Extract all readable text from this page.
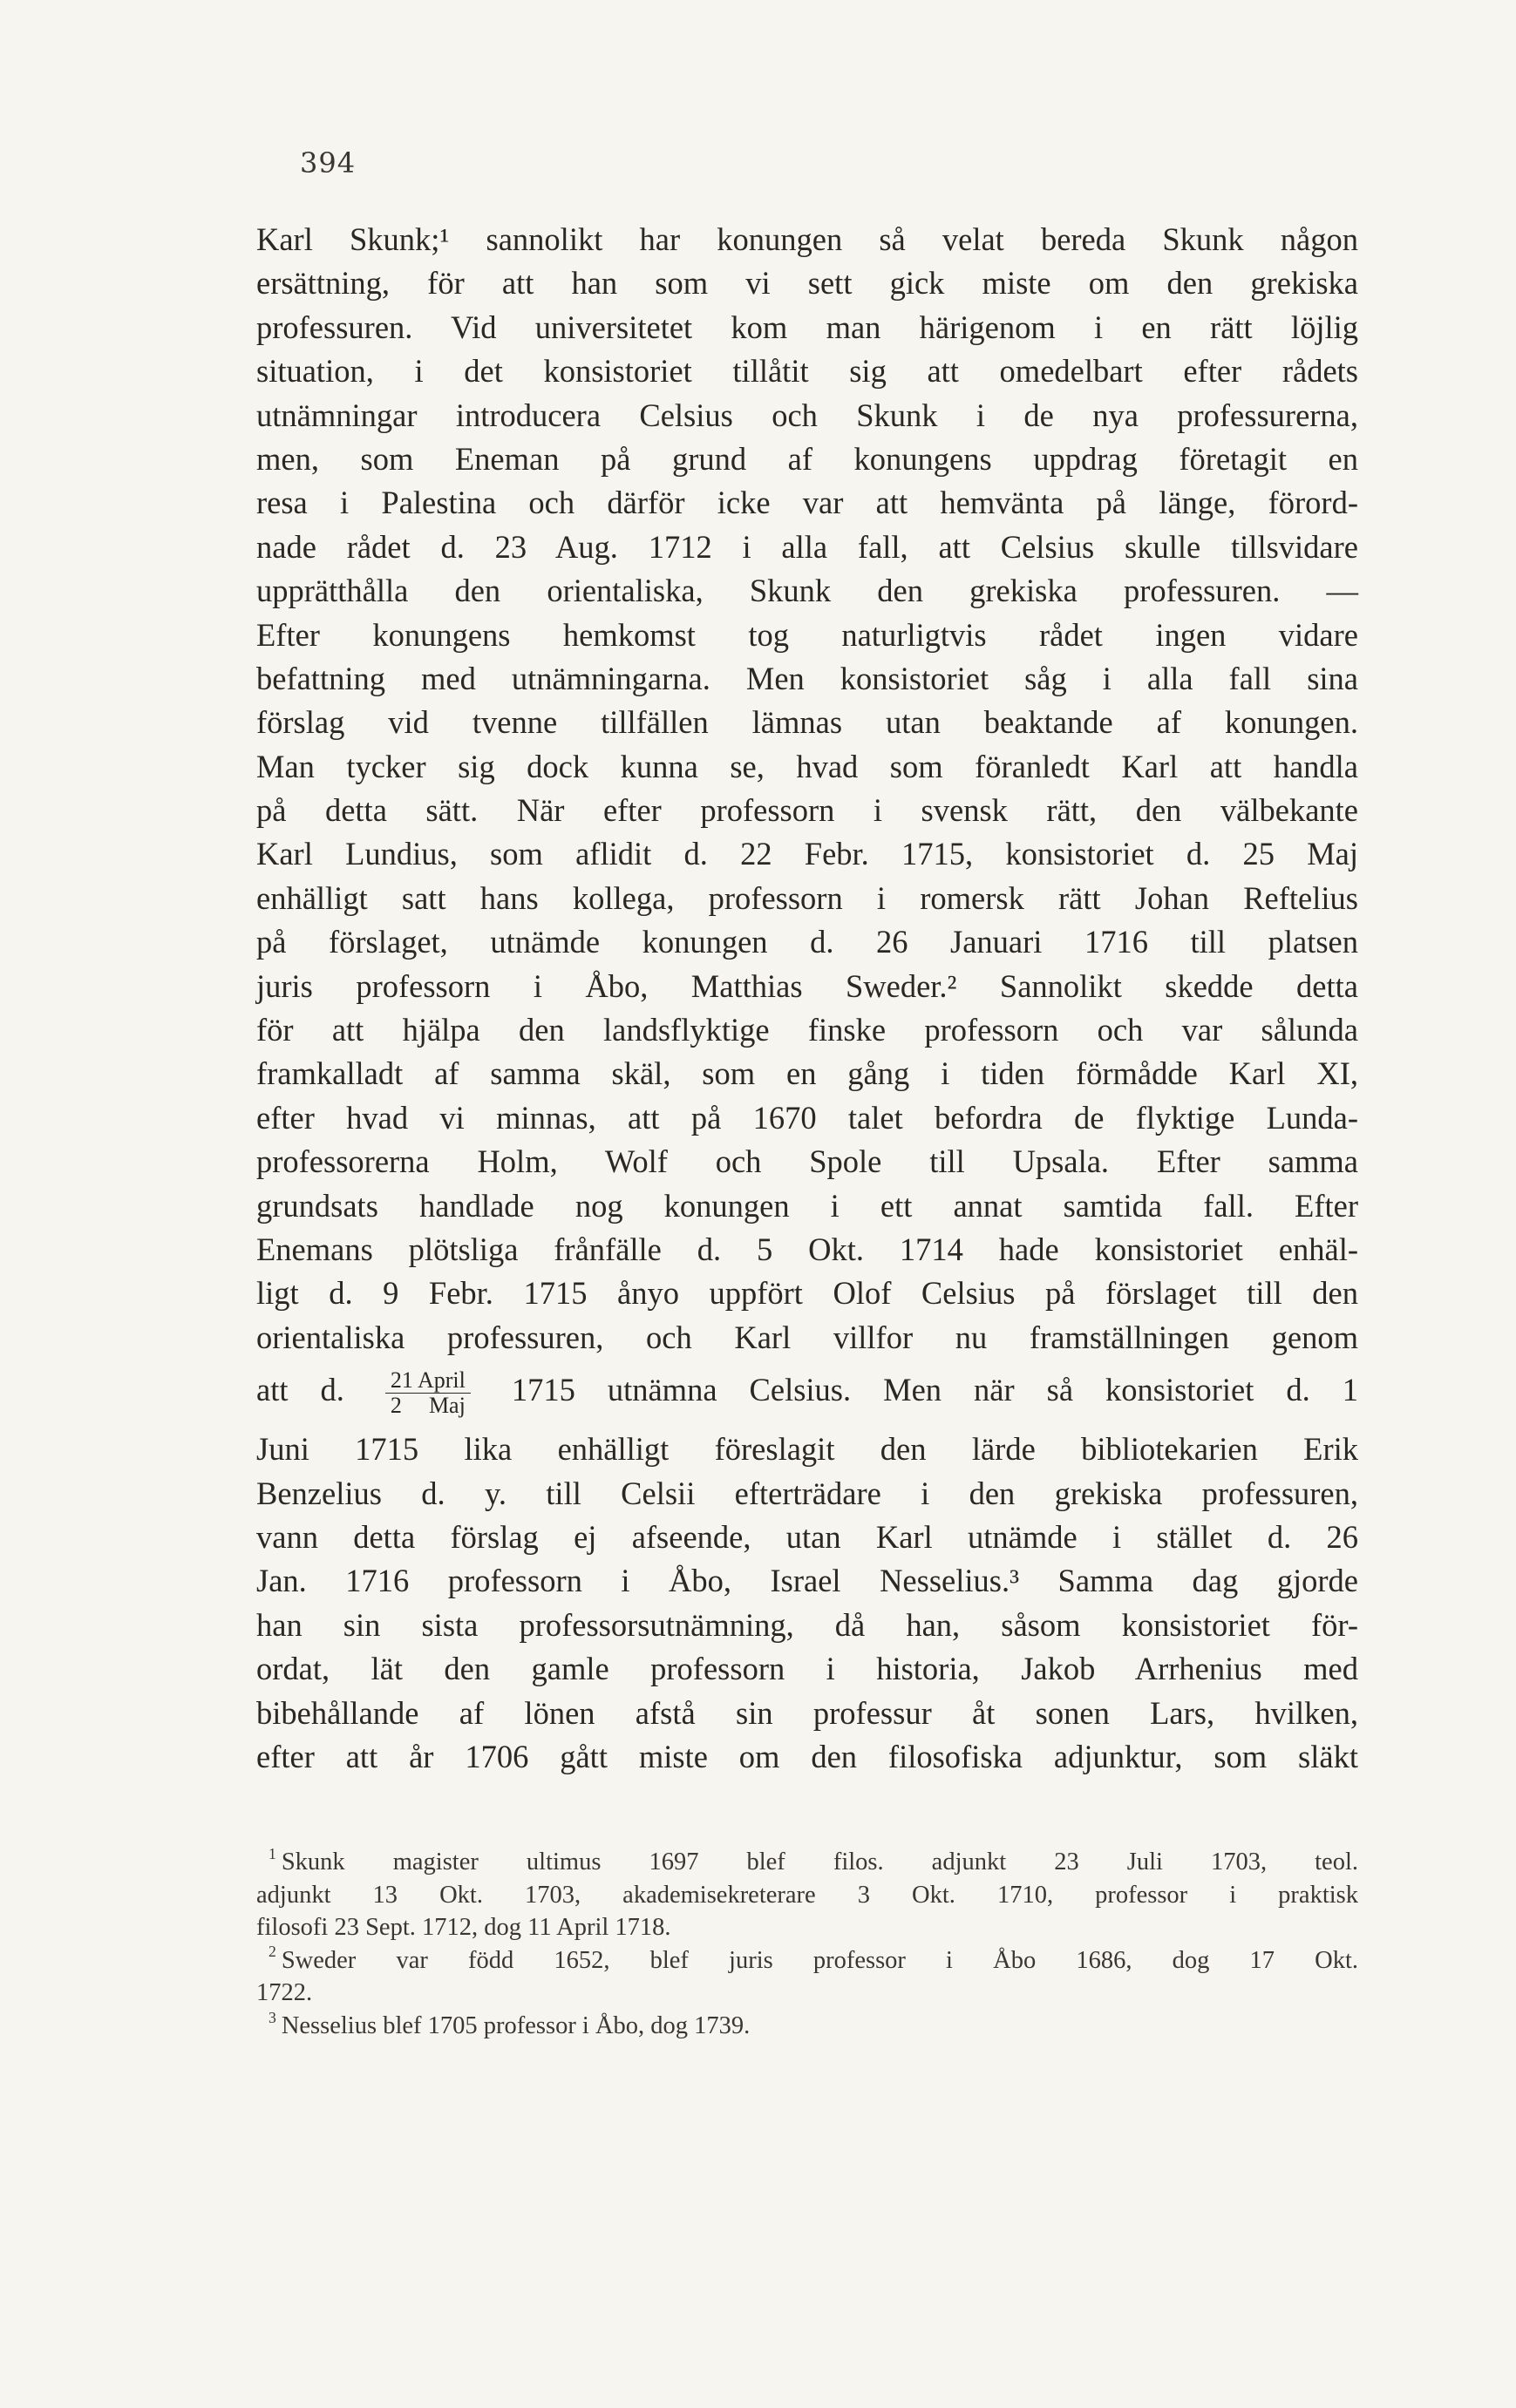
394
Karl Skunk;¹ sannolikt har konungen så velat bereda Skunk någon
ersättning, för att han som vi sett gick miste om den grekiska
professuren. Vid universitetet kom man härigenom i en rätt löjlig
situation, i det konsistoriet tillåtit sig att omedelbart efter rådets
utnämningar introducera Celsius och Skunk i de nya professurerna,
men, som Eneman på grund af konungens uppdrag företagit en
resa i Palestina och därför icke var att hemvänta på länge, förord-
nade rådet d. 23 Aug. 1712 i alla fall, att Celsius skulle tillsvidare
upprätthålla den orientaliska, Skunk den grekiska professuren. —
Efter konungens hemkomst tog naturligtvis rådet ingen vidare
befattning med utnämningarna. Men konsistoriet såg i alla fall sina
förslag vid tvenne tillfällen lämnas utan beaktande af konungen.
Man tycker sig dock kunna se, hvad som föranledt Karl att handla
på detta sätt. När efter professorn i svensk rätt, den välbekante
Karl Lundius, som aflidit d. 22 Febr. 1715, konsistoriet d. 25 Maj
enhälligt satt hans kollega, professorn i romersk rätt Johan Reftelius
på förslaget, utnämde konungen d. 26 Januari 1716 till platsen
juris professorn i Åbo, Matthias Sweder.² Sannolikt skedde detta
för att hjälpa den landsflyktige finske professorn och var sålunda
framkalladt af samma skäl, som en gång i tiden förmådde Karl XI,
efter hvad vi minnas, att på 1670 talet befordra de flyktige Lunda-
professorerna Holm, Wolf och Spole till Upsala. Efter samma
grundsats handlade nog konungen i ett annat samtida fall. Efter
Enemans plötsliga frånfälle d. 5 Okt. 1714 hade konsistoriet enhäl-
ligt d. 9 Febr. 1715 ånyo uppfört Olof Celsius på förslaget till den
orientaliska professuren, och Karl villfor nu framställningen genom
att d. $\frac{\text{21 April}}{\text{2 Maj}} 1715$ utnämna Celsius. Men när så konsistoriet d. 1
Juni 1715 lika enhälligt föreslagit den lärde bibliotekarien Erik
Benzelius d. y. till Celsii efterträdare i den grekiska professuren,
vann detta förslag ej afseende, utan Karl utnämde i stället d. 26
Jan. 1716 professorn i Åbo, Israel Nesselius.³ Samma dag gjorde
han sin sista professorsutnämning, då han, såsom konsistoriet för-
ordat, lät den gamle professorn i historia, Jakob Arrhenius med
bibehållande af lönen afstå sin professur åt sonen Lars, hvilken,
efter att år 1706 gått miste om den filosofiska adjunktur, som släkt
$^1$ Skunk magister ultimus 1697 blef filos. adjunkt 23 Juli 1703, teol.
adjunkt 13 Okt. 1703, akademisekreterare 3 Okt. 1710, professor i praktisk
filosofi 23 Sept. 1712, dog 11 April 1718.
$^2$ Sweder var född 1652, blef juris professor i Åbo 1686, dog 17 Okt.
1722.
$^3$ Nesselius blef 1705 professor i Åbo, dog 1739.
